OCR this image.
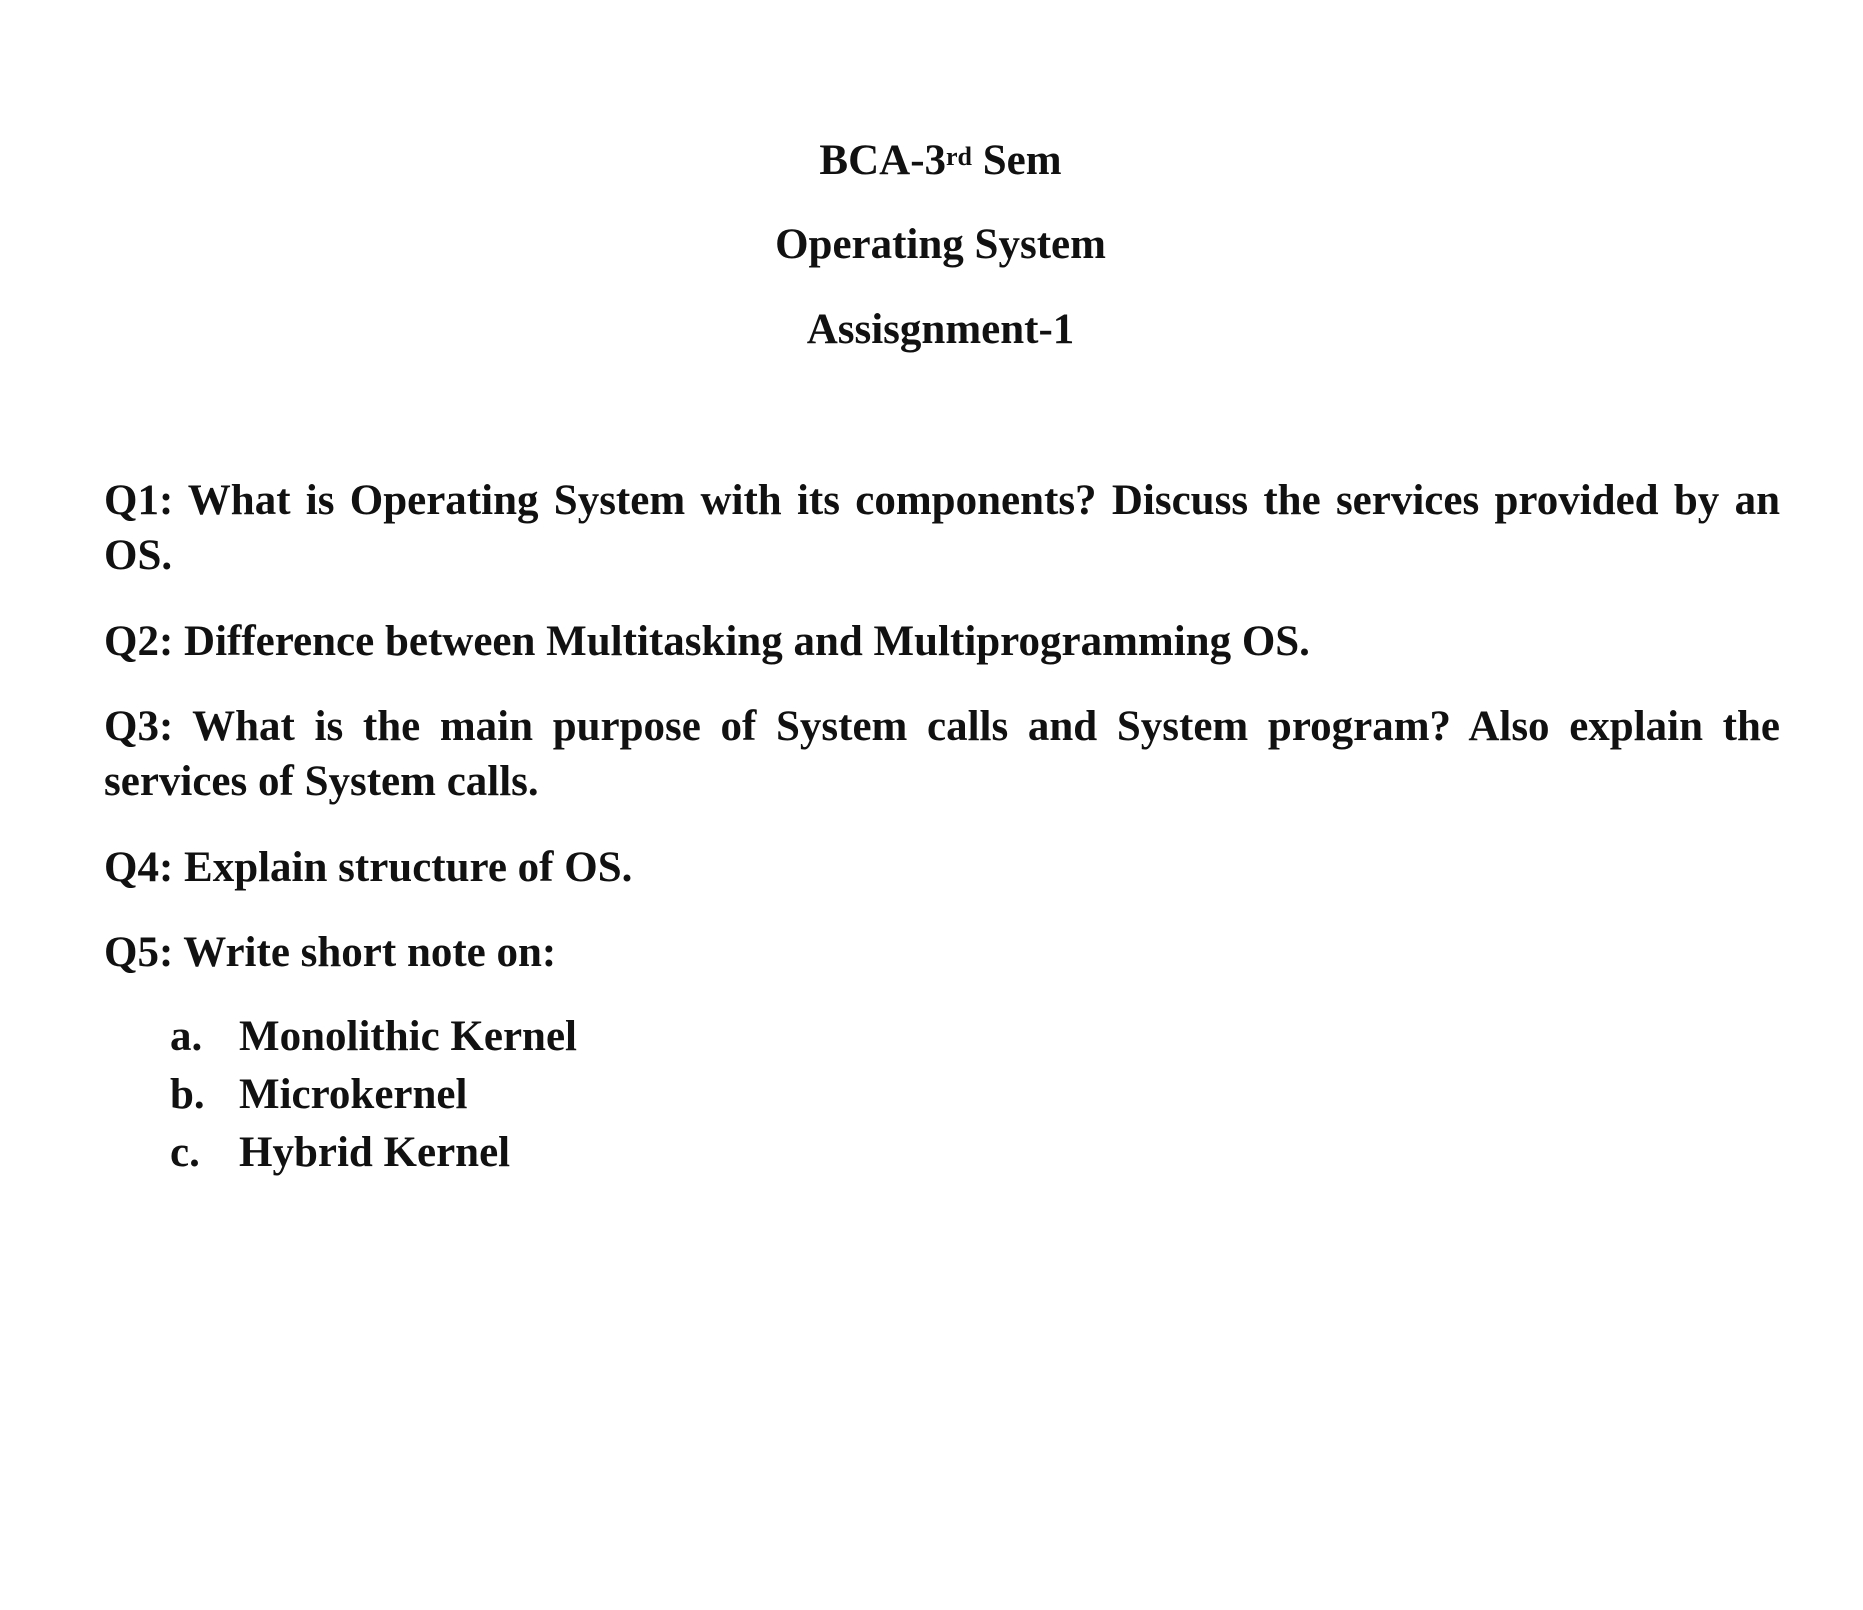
BCA-3rd Sem
Operating System
Assisgnment-1
Q1: What is Operating System with its components? Discuss the services provided by an OS.
Q2: Difference between Multitasking and Multiprogramming OS.
Q3: What is the main purpose of System calls and System program? Also explain the services of System calls.
Q4: Explain structure of OS.
Q5: Write short note on:
a. Monolithic Kernel
b. Microkernel
c. Hybrid Kernel
